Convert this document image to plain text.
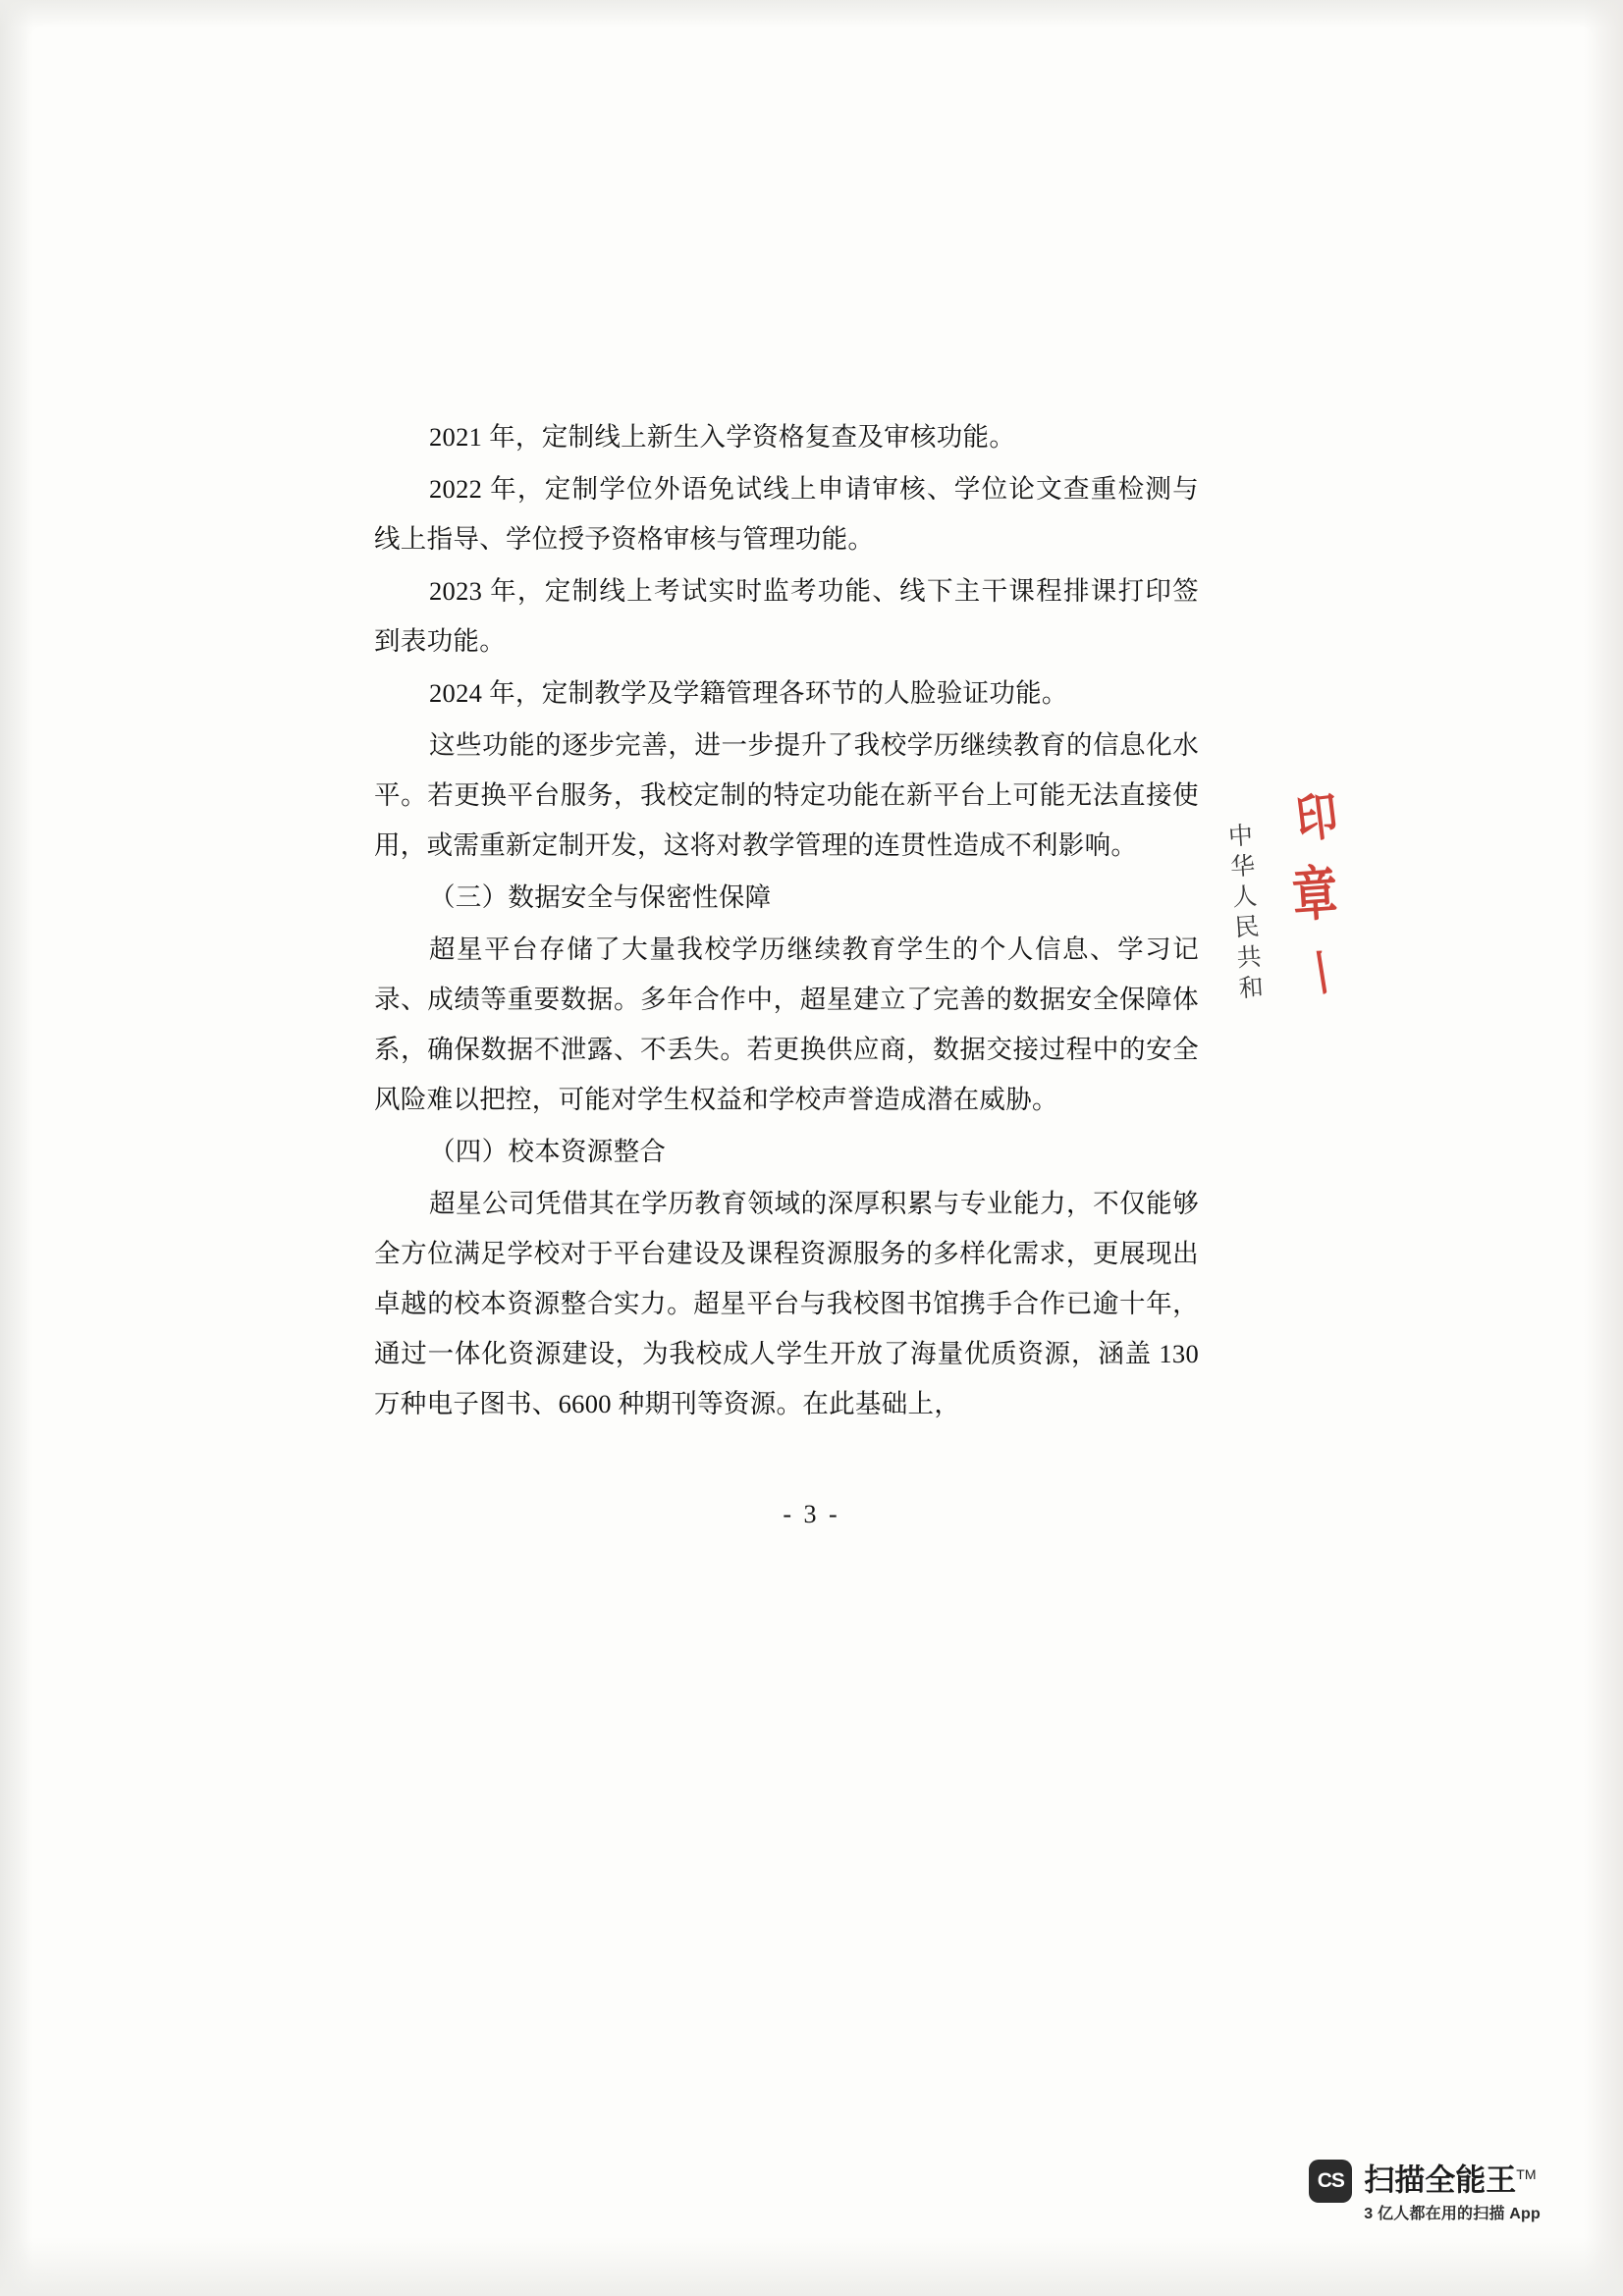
2021 年，定制线上新生入学资格复查及审核功能。

2022 年，定制学位外语免试线上申请审核、学位论文查重检测与线上指导、学位授予资格审核与管理功能。

2023 年，定制线上考试实时监考功能、线下主干课程排课打印签到表功能。

2024 年，定制教学及学籍管理各环节的人脸验证功能。

这些功能的逐步完善，进一步提升了我校学历继续教育的信息化水平。若更换平台服务，我校定制的特定功能在新平台上可能无法直接使用，或需重新定制开发，这将对教学管理的连贯性造成不利影响。

（三）数据安全与保密性保障

超星平台存储了大量我校学历继续教育学生的个人信息、学习记录、成绩等重要数据。多年合作中，超星建立了完善的数据安全保障体系，确保数据不泄露、不丢失。若更换供应商，数据交接过程中的安全风险难以把控，可能对学生权益和学校声誉造成潜在威胁。

（四）校本资源整合

超星公司凭借其在学历教育领域的深厚积累与专业能力，不仅能够全方位满足学校对于平台建设及课程资源服务的多样化需求，更展现出卓越的校本资源整合实力。超星平台与我校图书馆携手合作已逾十年，通过一体化资源建设，为我校成人学生开放了海量优质资源，涵盖 130 万种电子图书、6600 种期刊等资源。在此基础上，

- 3 -
中华人民共和
印
章
丨
CS 扫描全能王™
3 亿人都在用的扫描 App
